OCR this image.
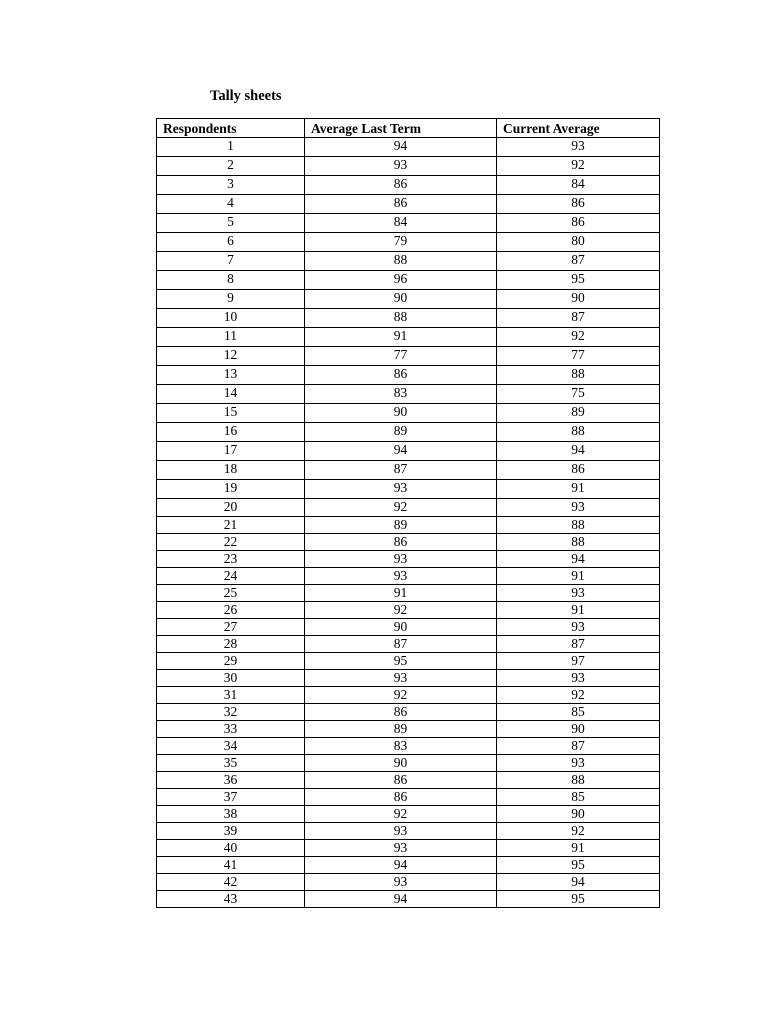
Tally sheets
Respondents	Average Last Term	Current Average
1	94	93
2	93	92
3	86	84
4	86	86
5	84	86
6	79	80
7	88	87
8	96	95
9	90	90
10	88	87
11	91	92
12	77	77
13	86	88
14	83	75
15	90	89
16	89	88
17	94	94
18	87	86
19	93	91
20	92	93
21	89	88
22	86	88
23	93	94
24	93	91
25	91	93
26	92	91
27	90	93
28	87	87
29	95	97
30	93	93
31	92	92
32	86	85
33	89	90
34	83	87
35	90	93
36	86	88
37	86	85
38	92	90
39	93	92
40	93	91
41	94	95
42	93	94
43	94	95
